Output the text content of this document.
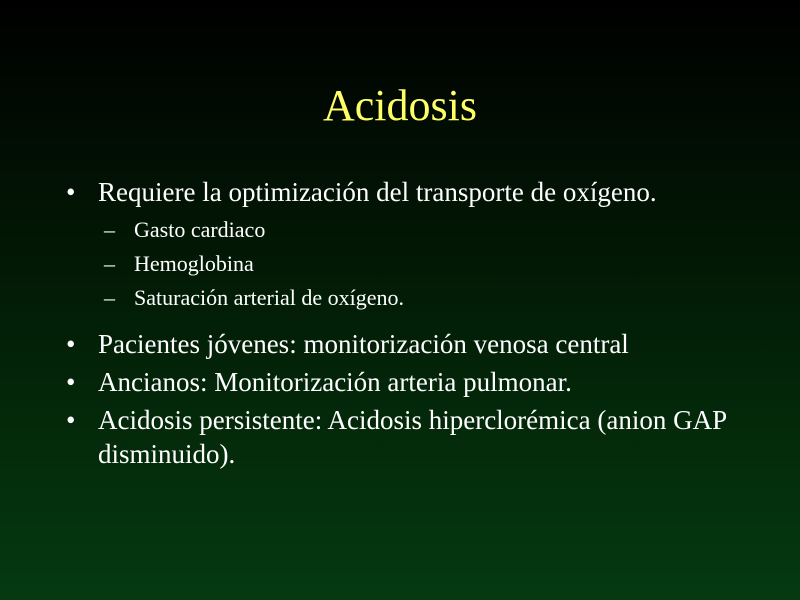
Acidosis
• Requiere la optimización del transporte de oxígeno.
– Gasto cardiaco
– Hemoglobina
– Saturación arterial de oxígeno.
• Pacientes jóvenes: monitorización venosa central
• Ancianos: Monitorización arteria pulmonar.
• Acidosis persistente: Acidosis hiperclorémica (anion GAP disminuido).
